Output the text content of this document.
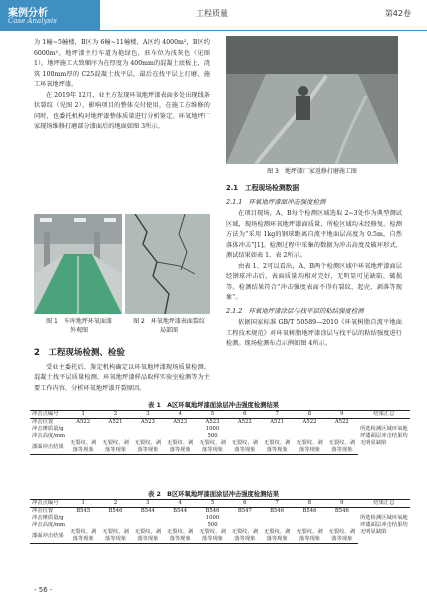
案例分析
Case Analysis
工程质量	第42卷

为 1幢~5幢楼，B区为 6幢~11幢楼，A区约 4000m²，B区约 6000m²。地坪漆主行车道为艳绿色，驻车位为浅灰色（见图 1）。地坪施工大致顺序为在厚度为 400mm的混凝土底板上，浇筑 100mm厚的 C25混凝土找平层，最后在找平层上打磨、施工环氧地坪漆。

在 2019年 12月，业主方发现环氧地坪漆表面多处出现线条状裂纹（见图 2），影响项目的整体交付使用，在施工方维修的同时，也委托机构对地坪漆整体质量进行分析鉴定。环氧地坪厂家现场维修打磨部分漆面后的地面如图 3所示。

图 1　车库地坪环氧面漆
外观图
图 2　环氧地坪漆表面裂纹
局部图
2　工程现场检测、检验

受业主委托后，鉴定机构确定以环氧地坪漆现场质量检测、混凝土找平层质量检测、环氧地坪漆样品取样实验室检测等为主要工作内容，分析环氧地坪漆开裂原因。

图 3　地坪漆厂家返修打磨施工图
2.1　工程现场检测数据
2.1.1　环氧地坪漆面冲击强度检测

在项目现场，A、B每个检测区域选取 2~3处作为典型测试区域，现场检测环氧地坪漆面质量，所检区域均未经修复。检测方法为“采用 1kg的钢球距离自流平地面层高度为 0.5m，自然落体冲击”[1]。检测过程中采集的数据为冲击高度及破坏形式，测试结果如表 1、表 2所示。

由表 1、2可以看出，A、B两个检测区域中环氧地坪漆面层经钢球冲击后，表面质量均相对完好，无明显可见缺陷、破损等。检测结果符合“冲击强度表面不得有裂纹、起壳、剥落等现象”。

2.1.2　环氧地坪漆涂层与找平层的粘结强度检测

依据国家标准 GB/T 50589—2010《环氧树脂自流平地面工程技术规范》对环氧树脂地坪漆涂层与找平层的粘结强度进行检测。现场检测布点示例如图 4所示。

表 1　A区环氧地坪漆面涂层冲击强度检测结果
冲击点编号	1	2	3	4	5	6	7	8	9	结果汇总
冲击位置	A522	A521	A523	A523	A523	A522	A521	A522	A522	所选检测区域环氧地坪漆面层冲击结果均无明显缺陷
冲击锤质量/g	1000									
冲击高度/mm	500									
漆面冲击结果	无裂纹、剥落等现象	无裂纹、剥落等现象	无裂纹、剥落等现象	无裂纹、剥落等现象	无裂纹、剥落等现象	无裂纹、剥落等现象	无裂纹、剥落等现象	无裂纹、剥落等现象	无裂纹、剥落等现象	
表 2　B区环氧地坪漆面涂层冲击强度检测结果
冲击点编号	1	2	3	4	5	6	7	8	9	结果汇总
冲击位置	B545	B546	B544	B544	B546	B547	B546	B546	B546	所选检测区域环氧地坪漆面层冲击结果均无明显缺陷
冲击锤质量/g	1000									
冲击高度/mm	500									
漆面冲击结果	无裂纹、剥落等现象	无裂纹、剥落等现象	无裂纹、剥落等现象	无裂纹、剥落等现象	无裂纹、剥落等现象	无裂纹、剥落等现象	无裂纹、剥落等现象	无裂纹、剥落等现象	无裂纹、剥落等现象	
- 56 -
